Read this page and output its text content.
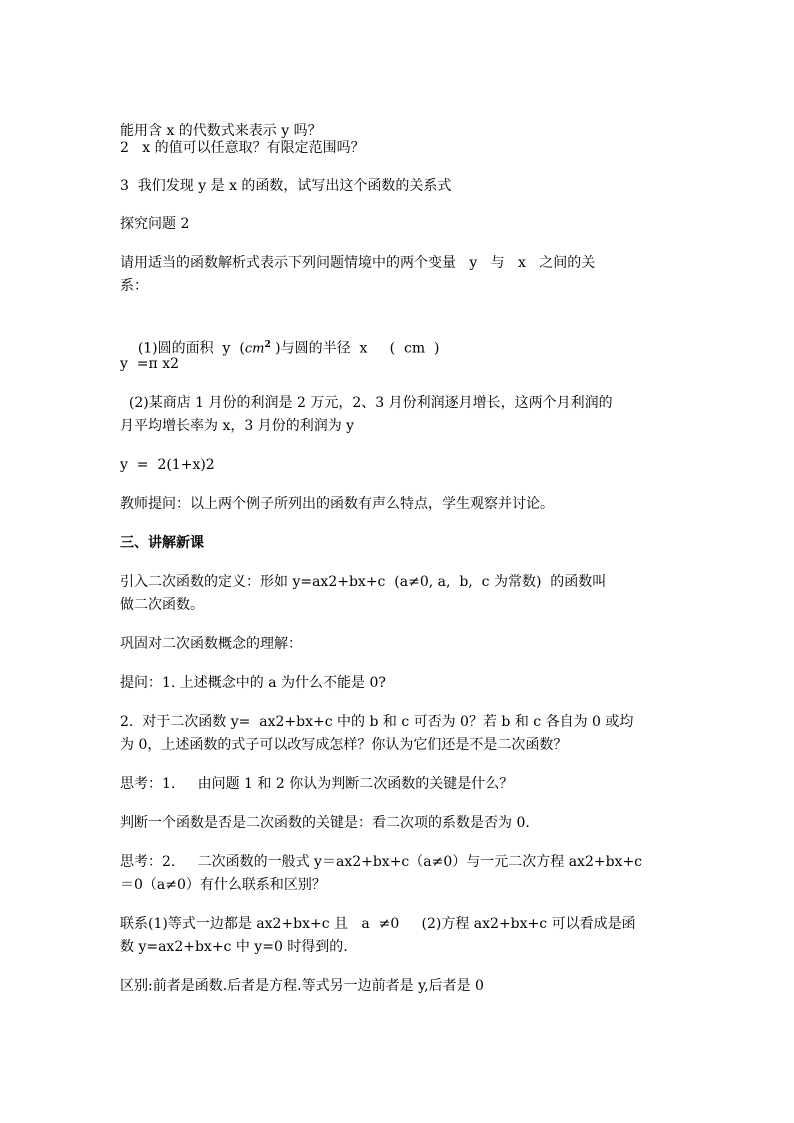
能用含 x 的代数式来表示 y 吗？
2   x 的值可以任意取？有限定范围吗？
3  我们发现 y 是 x 的函数，试写出这个函数的关系式
探究问题 2
请用适当的函数解析式表示下列问题情境中的两个变量   y   与   x   之间的关
系：

(1)圆的面积  y  ($cm^2$ )与圆的半径  x     (  cm  )

y  =π x2
(2)某商店 1 月份的利润是 2 万元，2、3 月份利润逐月增长，这两个月利润的
月平均增长率为 x，3 月份的利润为 y
y  =  2(1+x)2
教师提问：以上两个例子所列出的函数有声么特点，学生观察并讨论。
三、讲解新课
引入二次函数的定义：形如 y=ax2+bx+c  (a≠0, a,  b,  c 为常数)  的函数叫
做二次函数。
巩固对二次函数概念的理解：
提问：1. 上述概念中的 a 为什么不能是 0?
2.  对于二次函数 y=  ax2+bx+c 中的 b 和 c 可否为 0？若 b 和 c 各自为 0 或均
为 0，上述函数的式子可以改写成怎样？你认为它们还是不是二次函数？
思考：1.     由问题 1 和 2 你认为判断二次函数的关键是什么？
判断一个函数是否是二次函数的关键是：看二次项的系数是否为 0.
思考：2.     二次函数的一般式 y＝ax2+bx+c（a≠0）与一元二次方程 ax2+bx+c
＝0（a≠0）有什么联系和区别？
联系(1)等式一边都是 ax2+bx+c 且   a  ≠0     (2)方程 ax2+bx+c 可以看成是函
数 y=ax2+bx+c 中 y=0 时得到的.
区别:前者是函数.后者是方程.等式另一边前者是 y,后者是 0
